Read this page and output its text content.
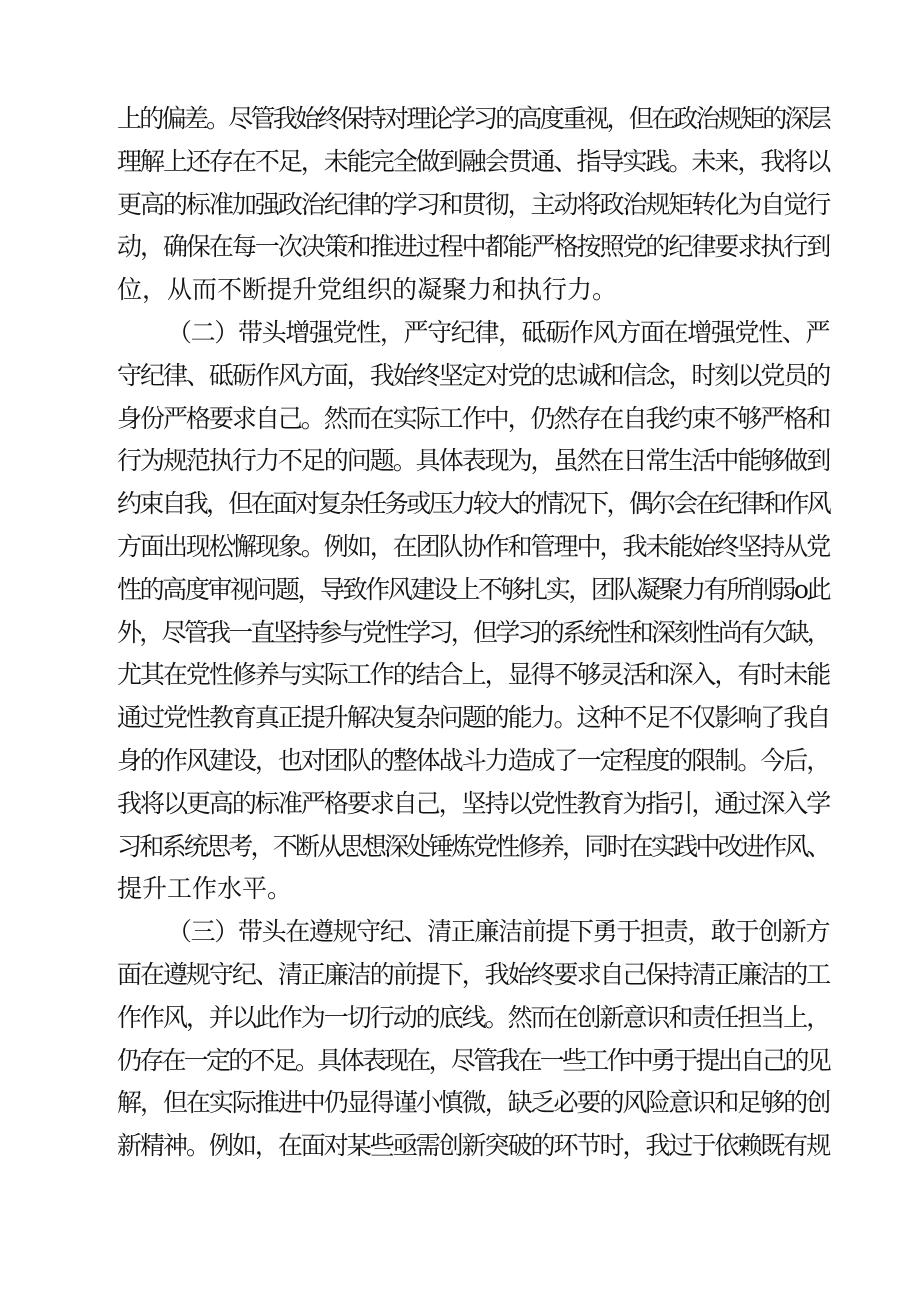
上的偏差。尽管我始终保持对理论学习的高度重视，但在政治规矩的深层
理解上还存在不足，未能完全做到融会贯通、指导实践。未来，我将以
更高的标准加强政治纪律的学习和贯彻，主动将政治规矩转化为自觉行
动，确保在每一次决策和推进过程中都能严格按照党的纪律要求执行到
位，从而不断提升党组织的凝聚力和执行力。
（二）带头增强党性，严守纪律，砥砺作风方面在增强党性、严
守纪律、砥砺作风方面，我始终坚定对党的忠诚和信念，时刻以党员的
身份严格要求自己。然而在实际工作中，仍然存在自我约束不够严格和
行为规范执行力不足的问题。具体表现为，虽然在日常生活中能够做到
约束自我，但在面对复杂任务或压力较大的情况下，偶尔会在纪律和作风
方面出现松懈现象。例如，在团队协作和管理中，我未能始终坚持从党
性的高度审视问题，导致作风建设上不够扎实，团队凝聚力有所削弱o此
外，尽管我一直坚持参与党性学习，但学习的系统性和深刻性尚有欠缺，
尤其在党性修养与实际工作的结合上，显得不够灵活和深入，有时未能
通过党性教育真正提升解决复杂问题的能力。这种不足不仅影响了我自
身的作风建设，也对团队的整体战斗力造成了一定程度的限制。今后，
我将以更高的标准严格要求自己，坚持以党性教育为指引，通过深入学
习和系统思考，不断从思想深处锤炼党性修养，同时在实践中改进作风、
提升工作水平。
（三）带头在遵规守纪、清正廉洁前提下勇于担责，敢于创新方
面在遵规守纪、清正廉洁的前提下，我始终要求自己保持清正廉洁的工
作作风，并以此作为一切行动的底线。然而在创新意识和责任担当上，
仍存在一定的不足。具体表现在，尽管我在一些工作中勇于提出自己的见
解，但在实际推进中仍显得谨小慎微，缺乏必要的风险意识和足够的创
新精神。例如，在面对某些亟需创新突破的环节时，我过于依赖既有规
